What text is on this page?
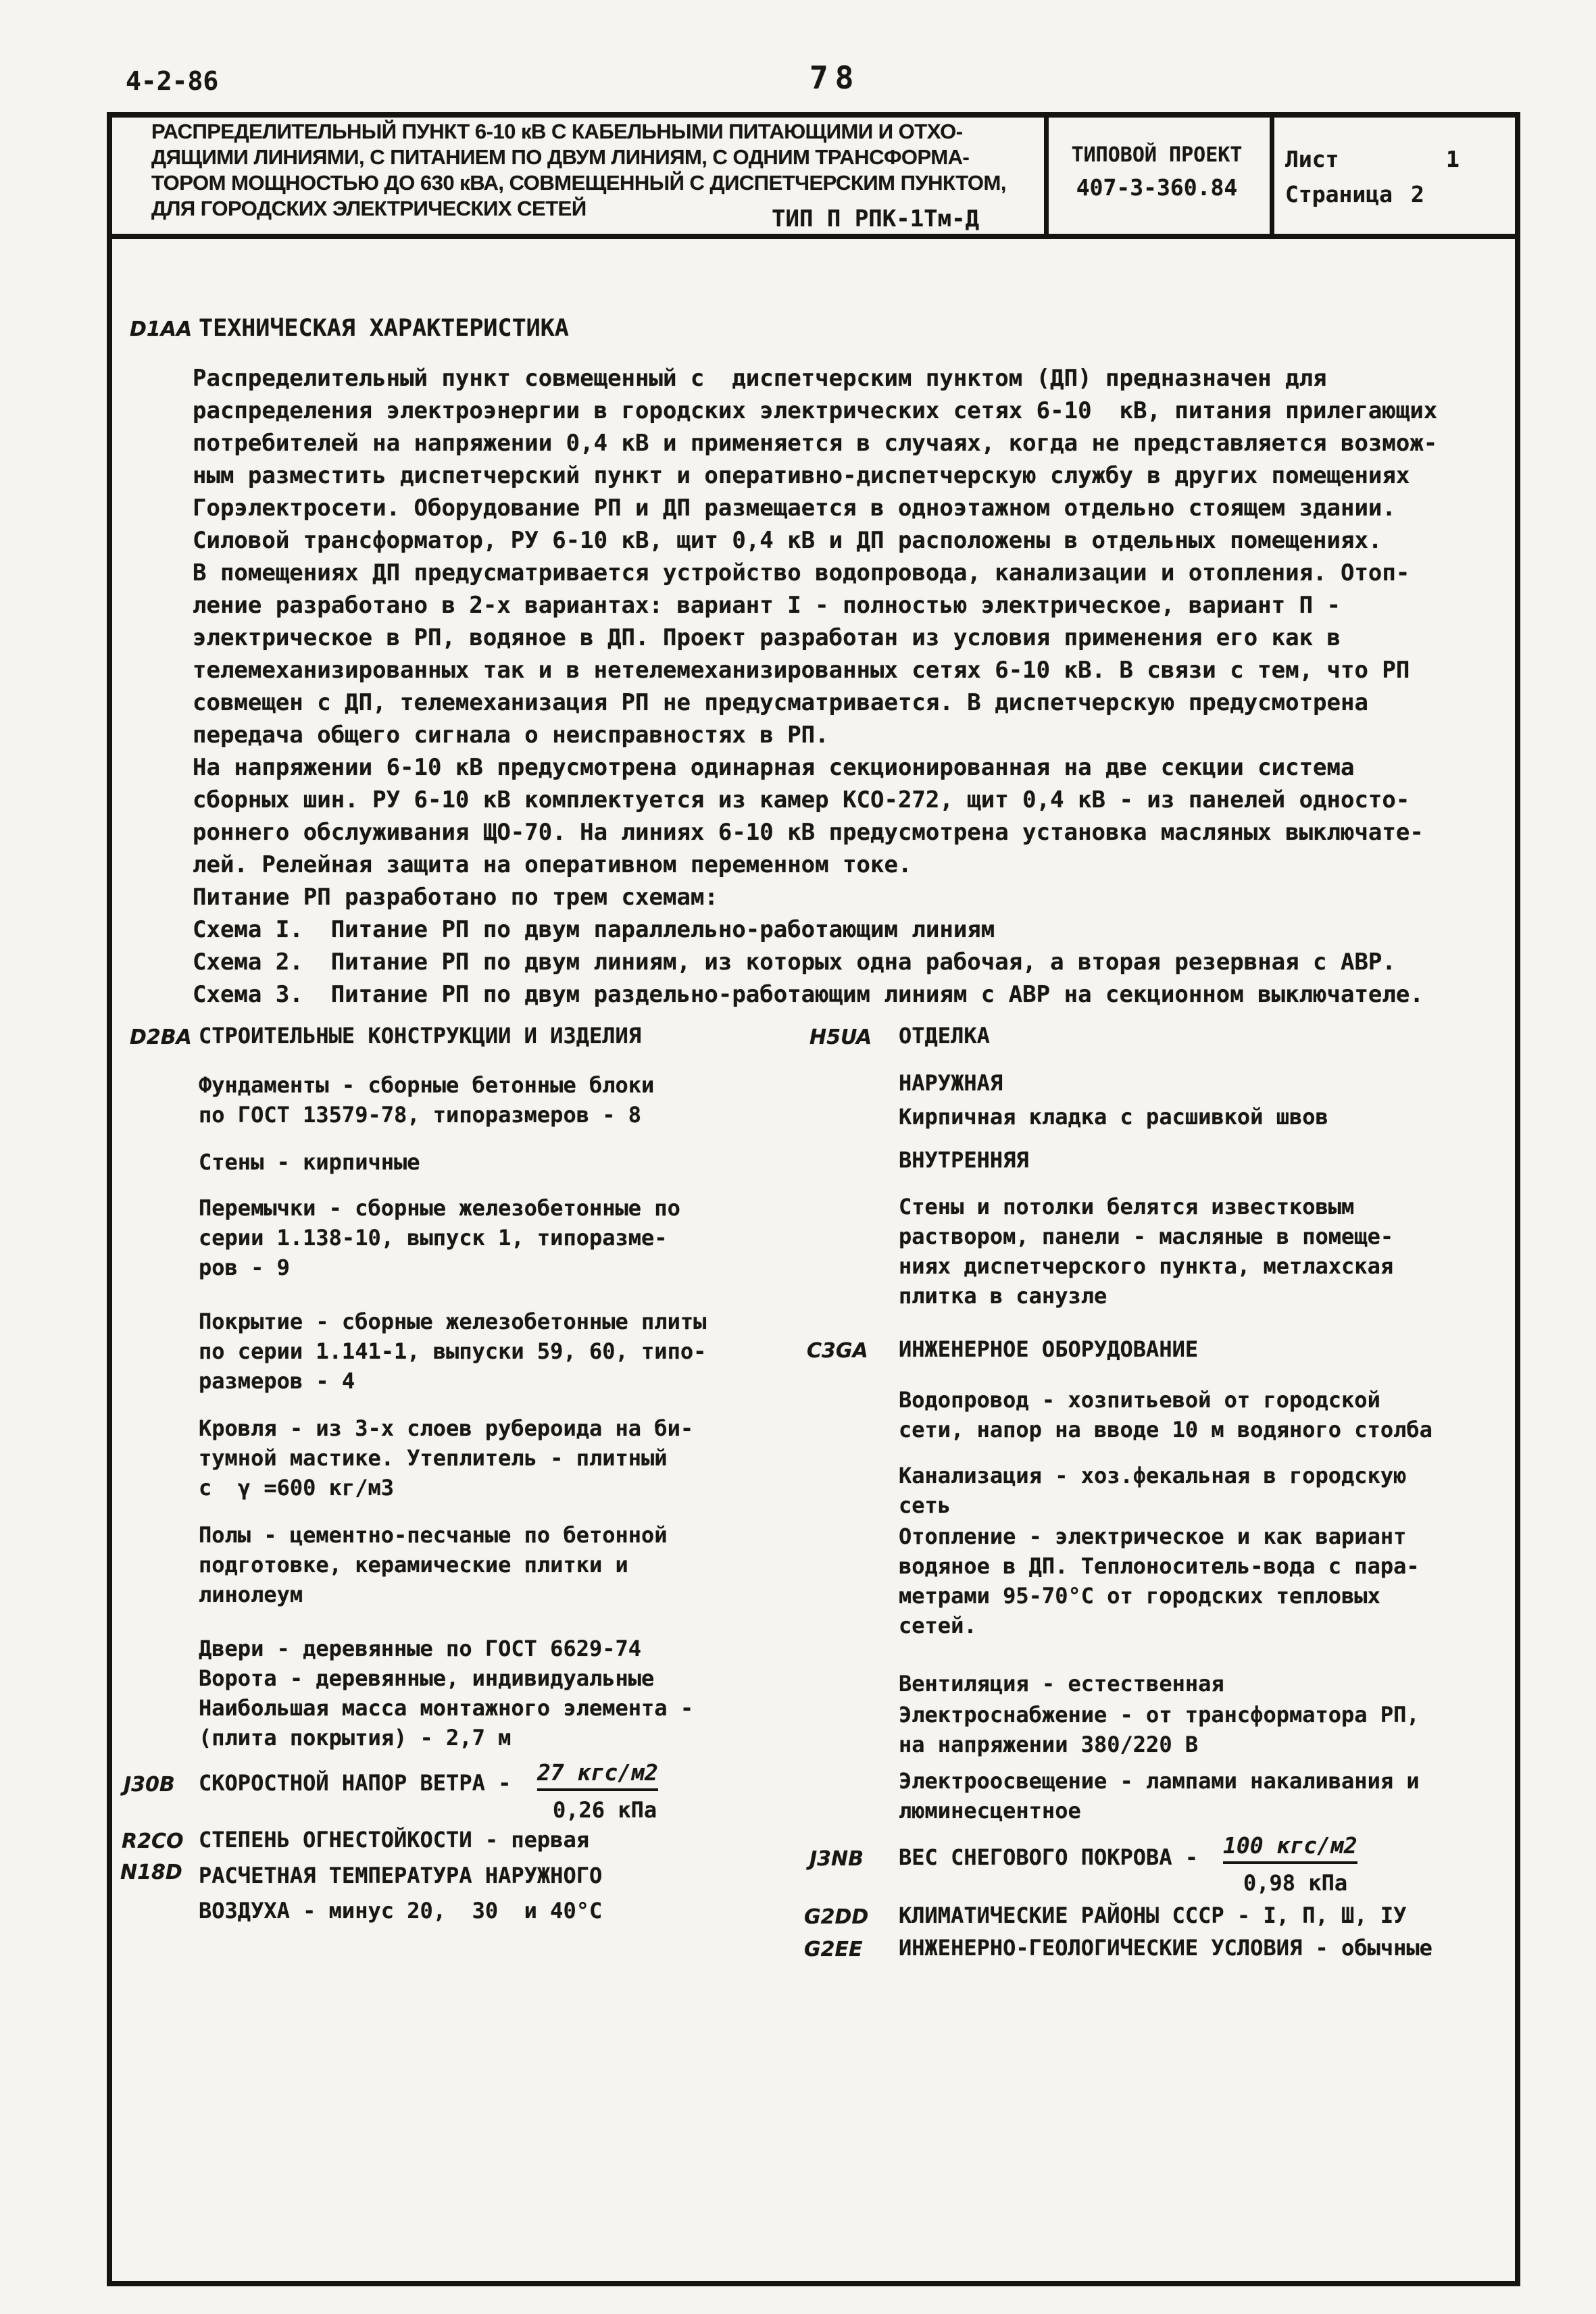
4-2-86	78
РАСПРЕДЕЛИТЕЛЬНЫЙ ПУНКТ 6-10 кВ С КАБЕЛЬНЫМИ ПИТАЮЩИМИ И ОТХО-
ДЯЩИМИ ЛИНИЯМИ, С ПИТАНИЕМ ПО ДВУМ ЛИНИЯМ, С ОДНИМ ТРАНСФОРМА-
ТОРОМ МОЩНОСТЬЮ ДО 630 кВА, СОВМЕЩЕННЫЙ С ДИСПЕТЧЕРСКИМ ПУНКТОМ,
ДЛЯ ГОРОДСКИХ ЭЛЕКТРИЧЕСКИХ СЕТЕЙ	ТИП П РПК-1Тм-Д
ТИПОВОЙ ПРОЕКТ
407-3-360.84
Лист	1
Страница 2
D1AA ТЕХНИЧЕСКАЯ ХАРАКТЕРИСТИКА
Распределительный пункт совмещенный с  диспетчерским пунктом (ДП) предназначен для
распределения электроэнергии в городских электрических сетях 6-10  кВ, питания прилегающих
потребителей на напряжении 0,4 кВ и применяется в случаях, когда не представляется возмож-
ным разместить диспетчерский пункт и оперативно-диспетчерскую службу в других помещениях
Горэлектросети. Оборудование РП и ДП размещается в одноэтажном отдельно стоящем здании.
Силовой трансформатор, РУ 6-10 кВ, щит 0,4 кВ и ДП расположены в отдельных помещениях.
В помещениях ДП предусматривается устройство водопровода, канализации и отопления. Отоп-
ление разработано в 2-х вариантах: вариант I - полностью электрическое, вариант П -
электрическое в РП, водяное в ДП. Проект разработан из условия применения его как в
телемеханизированных так и в нетелемеханизированных сетях 6-10 кВ. В связи с тем, что РП
совмещен с ДП, телемеханизация РП не предусматривается. В диспетчерскую предусмотрена
передача общего сигнала о неисправностях в РП.
На напряжении 6-10 кВ предусмотрена одинарная секционированная на две секции система
сборных шин. РУ 6-10 кВ комплектуется из камер КСО-272, щит 0,4 кВ - из панелей односто-
роннего обслуживания ЩО-70. На линиях 6-10 кВ предусмотрена установка масляных выключате-
лей. Релейная защита на оперативном переменном токе.
Питание РП разработано по трем схемам:
Схема I.  Питание РП по двум параллельно-работающим линиям
Схема 2.  Питание РП по двум линиям, из которых одна рабочая, а вторая резервная с АВР.
Схема 3.  Питание РП по двум раздельно-работающим линиям с АВР на секционном выключателе.
D2BA СТРОИТЕЛЬНЫЕ КОНСТРУКЦИИ И ИЗДЕЛИЯ
Фундаменты - сборные бетонные блоки
по ГОСТ 13579-78, типоразмеров - 8
Стены - кирпичные
Перемычки - сборные железобетонные по
серии 1.138-10, выпуск 1, типоразме-
ров - 9
Покрытие - сборные железобетонные плиты
по серии 1.141-1, выпуски 59, 60, типо-
размеров - 4
Кровля - из 3-х слоев рубероида на би-
тумной мастике. Утеплитель - плитный
с  γ =600 кг/м3
Полы - цементно-песчаные по бетонной
подготовке, керамические плитки и
линолеум
Двери - деревянные по ГОСТ 6629-74
Ворота - деревянные, индивидуальные
Наибольшая масса монтажного элемента -
(плита покрытия) - 2,7 м
J30B СКОРОСТНОЙ НАПОР ВЕТРА - 27 кгс/м2
0,26 кПа
R2CO СТЕПЕНЬ ОГНЕСТОЙКОСТИ - первая
N18D РАСЧЕТНАЯ ТЕМПЕРАТУРА НАРУЖНОГО
ВОЗДУХА - минус 20,  30  и 40°С
H5UA ОТДЕЛКА
НАРУЖНАЯ
Кирпичная кладка с расшивкой швов
ВНУТРЕННЯЯ
Стены и потолки белятся известковым
раствором, панели - масляные в помеще-
ниях диспетчерского пункта, метлахская
плитка в санузле
C3GA ИНЖЕНЕРНОЕ ОБОРУДОВАНИЕ
Водопровод - хозпитьевой от городской
сети, напор на вводе 10 м водяного столба
Канализация - хоз.фекальная в городскую
сеть
Отопление - электрическое и как вариант
водяное в ДП. Теплоноситель-вода с пара-
метрами 95-70°С от городских тепловых
сетей.
Вентиляция - естественная
Электроснабжение - от трансформатора РП,
на напряжении 380/220 В
Электроосвещение - лампами накаливания и
люминесцентное
J3NB ВЕС СНЕГОВОГО ПОКРОВА - 100 кгс/м2
0,98 кПа
G2DD КЛИМАТИЧЕСКИЕ РАЙОНЫ СССР - I, П, Ш, IУ
G2EE ИНЖЕНЕРНО-ГЕОЛОГИЧЕСКИЕ УСЛОВИЯ - обычные
